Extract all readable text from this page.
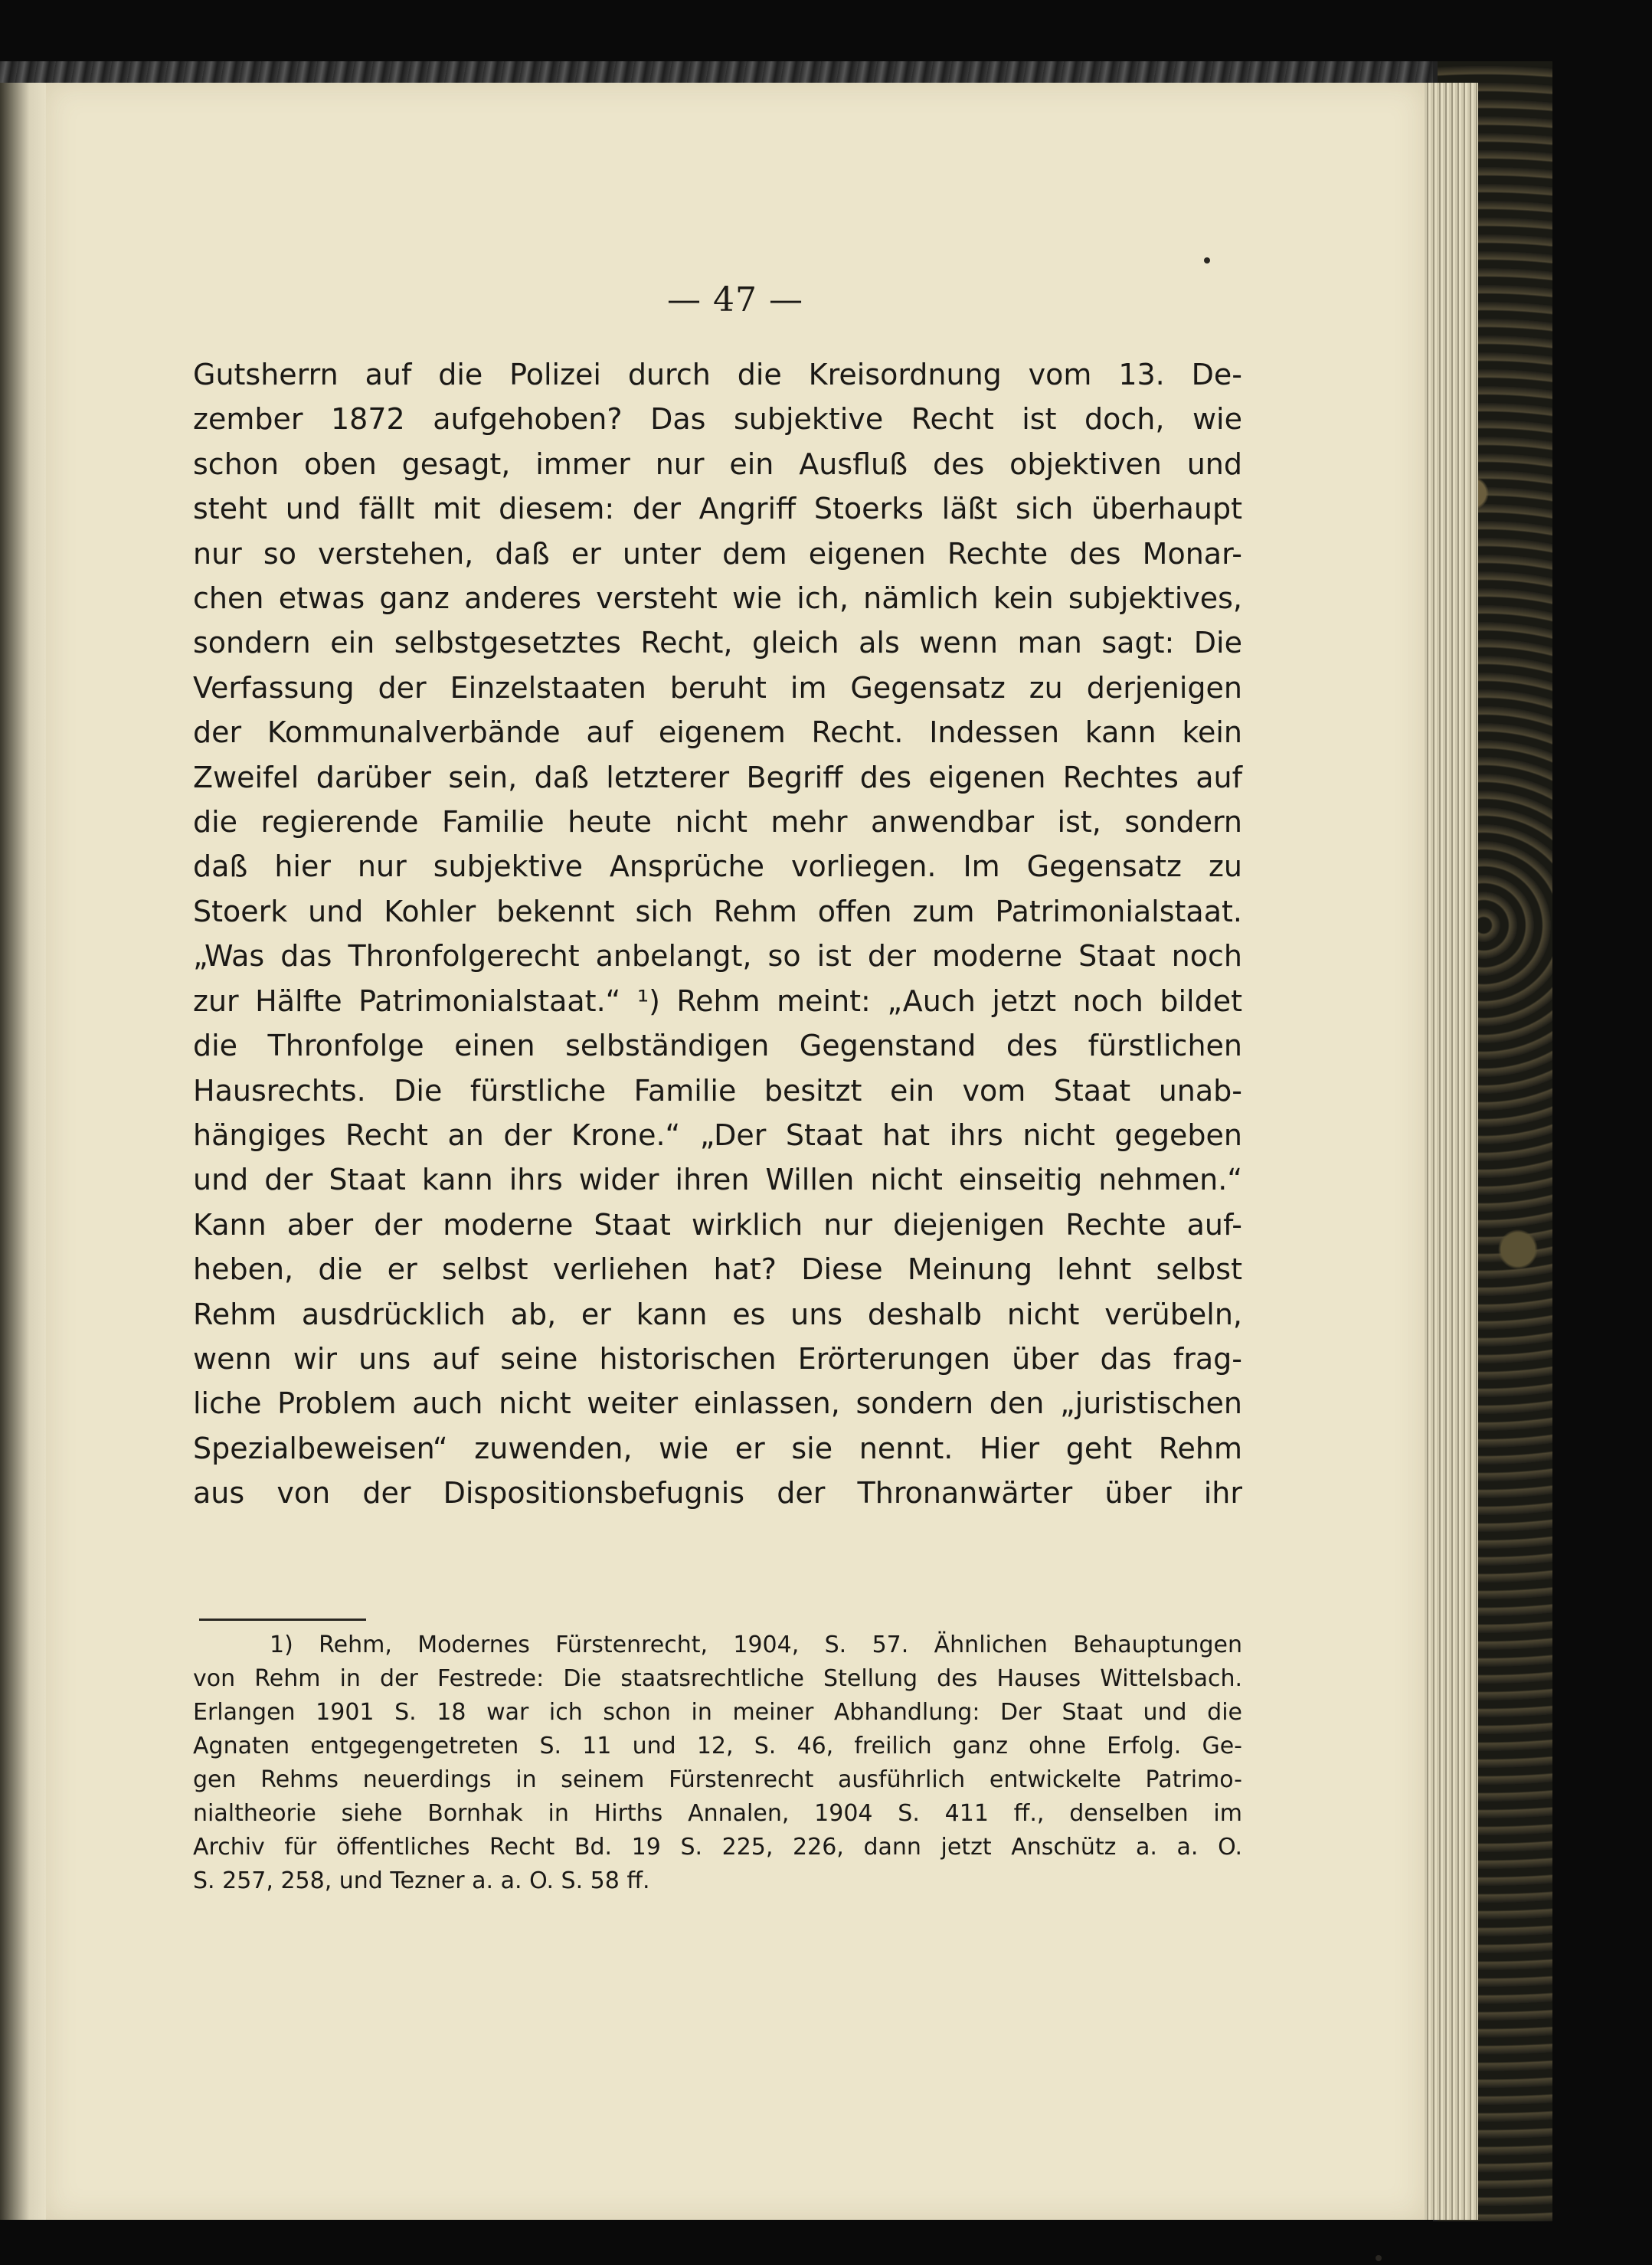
— 47 —
Gutsherrn auf die Polizei durch die Kreisordnung vom 13. De-
zember 1872 aufgehoben? Das subjektive Recht ist doch, wie
schon oben gesagt, immer nur ein Ausfluß des objektiven und
steht und fällt mit diesem: der Angriff Stoerks läßt sich überhaupt
nur so verstehen, daß er unter dem eigenen Rechte des Monar-
chen etwas ganz anderes versteht wie ich, nämlich kein subjektives,
sondern ein selbstgesetztes Recht, gleich als wenn man sagt: Die
Verfassung der Einzelstaaten beruht im Gegensatz zu derjenigen
der Kommunalverbände auf eigenem Recht. Indessen kann kein
Zweifel darüber sein, daß letzterer Begriff des eigenen Rechtes auf
die regierende Familie heute nicht mehr anwendbar ist, sondern
daß hier nur subjektive Ansprüche vorliegen. Im Gegensatz zu
Stoerk und Kohler bekennt sich Rehm offen zum Patrimonialstaat.
„Was das Thronfolgerecht anbelangt, so ist der moderne Staat noch
zur Hälfte Patrimonialstaat.“ ¹) Rehm meint: „Auch jetzt noch bildet
die Thronfolge einen selbständigen Gegenstand des fürstlichen
Hausrechts. Die fürstliche Familie besitzt ein vom Staat unab-
hängiges Recht an der Krone.“ „Der Staat hat ihrs nicht gegeben
und der Staat kann ihrs wider ihren Willen nicht einseitig nehmen.“
Kann aber der moderne Staat wirklich nur diejenigen Rechte auf-
heben, die er selbst verliehen hat? Diese Meinung lehnt selbst
Rehm ausdrücklich ab, er kann es uns deshalb nicht verübeln,
wenn wir uns auf seine historischen Erörterungen über das frag-
liche Problem auch nicht weiter einlassen, sondern den „juristischen
Spezialbeweisen“ zuwenden, wie er sie nennt. Hier geht Rehm
aus von der Dispositionsbefugnis der Thronanwärter über ihr
1) Rehm, Modernes Fürstenrecht, 1904, S. 57. Ähnlichen Behauptungen
von Rehm in der Festrede: Die staatsrechtliche Stellung des Hauses Wittelsbach.
Erlangen 1901 S. 18 war ich schon in meiner Abhandlung: Der Staat und die
Agnaten entgegengetreten S. 11 und 12, S. 46, freilich ganz ohne Erfolg. Ge-
gen Rehms neuerdings in seinem Fürstenrecht ausführlich entwickelte Patrimo-
nialtheorie siehe Bornhak in Hirths Annalen, 1904 S. 411 ff., denselben im
Archiv für öffentliches Recht Bd. 19 S. 225, 226, dann jetzt Anschütz a. a. O.
S. 257, 258, und Tezner a. a. O. S. 58 ff.
